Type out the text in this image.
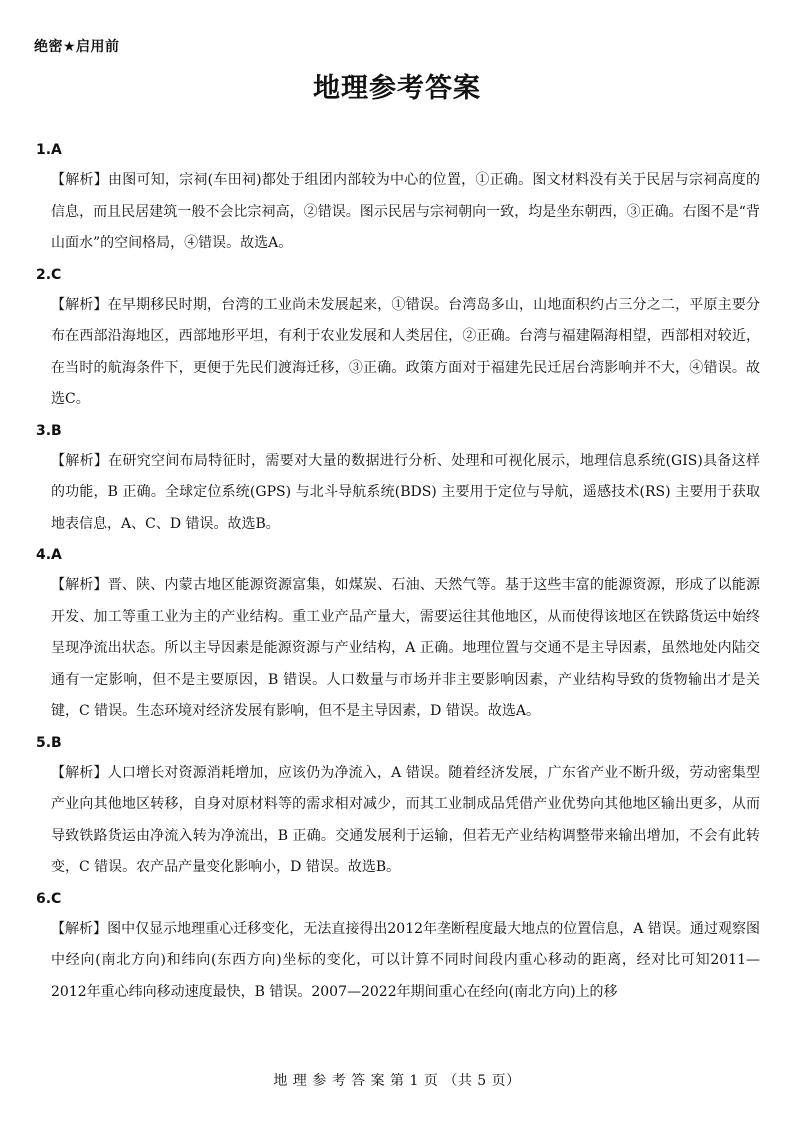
绝密★启用前
地理参考答案
1.A
【解析】由图可知，宗祠(车田祠)都处于组团内部较为中心的位置，①正确。图文材料没有关于民居与宗祠高度的信息，而且民居建筑一般不会比宗祠高，②错误。图示民居与宗祠朝向一致，均是坐东朝西，③正确。右图不是“背山面水”的空间格局，④错误。故选A。
2.C
【解析】在早期移民时期，台湾的工业尚未发展起来，①错误。台湾岛多山，山地面积约占三分之二，平原主要分布在西部沿海地区，西部地形平坦，有利于农业发展和人类居住，②正确。台湾与福建隔海相望，西部相对较近，在当时的航海条件下，更便于先民们渡海迁移，③正确。政策方面对于福建先民迁居台湾影响并不大，④错误。故选C。
3.B
【解析】在研究空间布局特征时，需要对大量的数据进行分析、处理和可视化展示，地理信息系统(GIS)具备这样的功能，B 正确。全球定位系统(GPS) 与北斗导航系统(BDS) 主要用于定位与导航，遥感技术(RS) 主要用于获取地表信息，A、C、D 错误。故选B。
4.A
【解析】晋、陕、内蒙古地区能源资源富集，如煤炭、石油、天然气等。基于这些丰富的能源资源，形成了以能源开发、加工等重工业为主的产业结构。重工业产品产量大，需要运往其他地区，从而使得该地区在铁路货运中始终呈现净流出状态。所以主导因素是能源资源与产业结构，A 正确。地理位置与交通不是主导因素，虽然地处内陆交通有一定影响，但不是主要原因，B 错误。人口数量与市场并非主要影响因素，产业结构导致的货物输出才是关键，C 错误。生态环境对经济发展有影响，但不是主导因素，D 错误。故选A。
5.B
【解析】人口增长对资源消耗增加，应该仍为净流入，A 错误。随着经济发展，广东省产业不断升级，劳动密集型产业向其他地区转移，自身对原材料等的需求相对减少，而其工业制成品凭借产业优势向其他地区输出更多，从而导致铁路货运由净流入转为净流出，B 正确。交通发展利于运输，但若无产业结构调整带来输出增加，不会有此转变，C 错误。农产品产量变化影响小，D 错误。故选B。
6.C
【解析】图中仅显示地理重心迁移变化，无法直接得出2012年垄断程度最大地点的位置信息，A 错误。通过观察图中经向(南北方向)和纬向(东西方向)坐标的变化，可以计算不同时间段内重心移动的距离，经对比可知2011—2012年重心纬向移动速度最快，B 错误。2007—2022年期间重心在经向(南北方向)上的移
地 理 参 考 答 案 第 1 页 （共 5 页）
